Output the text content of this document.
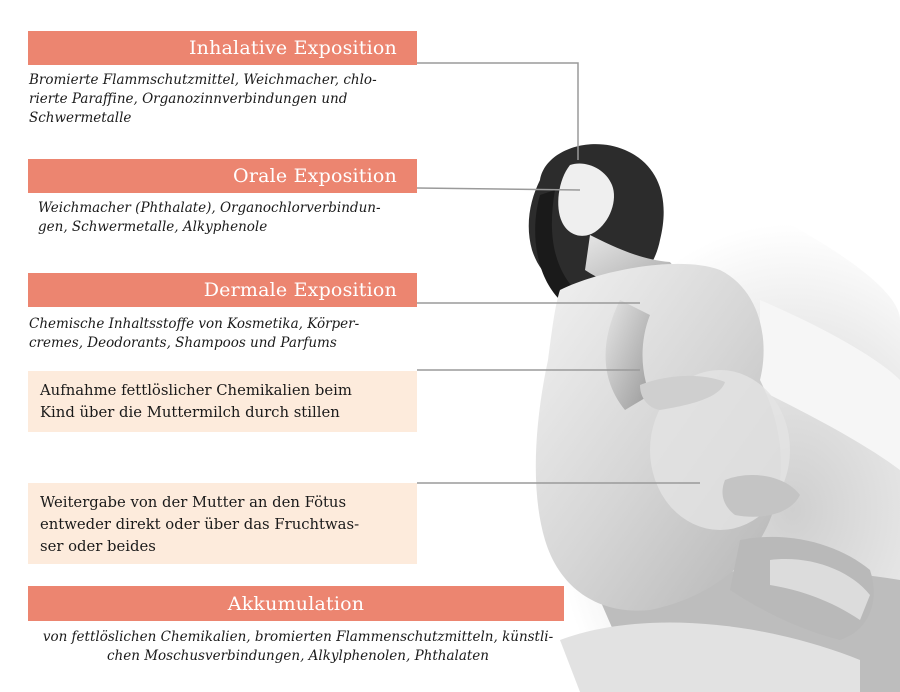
Inhalative Exposition
Bromierte Flammschutzmittel, Weichmacher, chlo-
rierte Paraffine, Organozinnverbindungen und
Schwermetalle
Orale Exposition
Weichmacher (Phthalate), Organochlorverbindun-
gen, Schwermetalle, Alkyphenole
Dermale Exposition
Chemische Inhaltsstoffe von Kosmetika, Körper-
cremes, Deodorants, Shampoos und Parfums
Aufnahme fettlöslicher Chemikalien beim
Kind über die Muttermilch durch stillen
Weitergabe von der Mutter an den Fötus
entweder direkt oder über das Fruchtwas-
ser oder beides
Akkumulation
von fettlöslichen Chemikalien, bromierten Flammenschutzmitteln, künstli-
chen Moschusverbindungen, Alkylphenolen, Phthalaten
